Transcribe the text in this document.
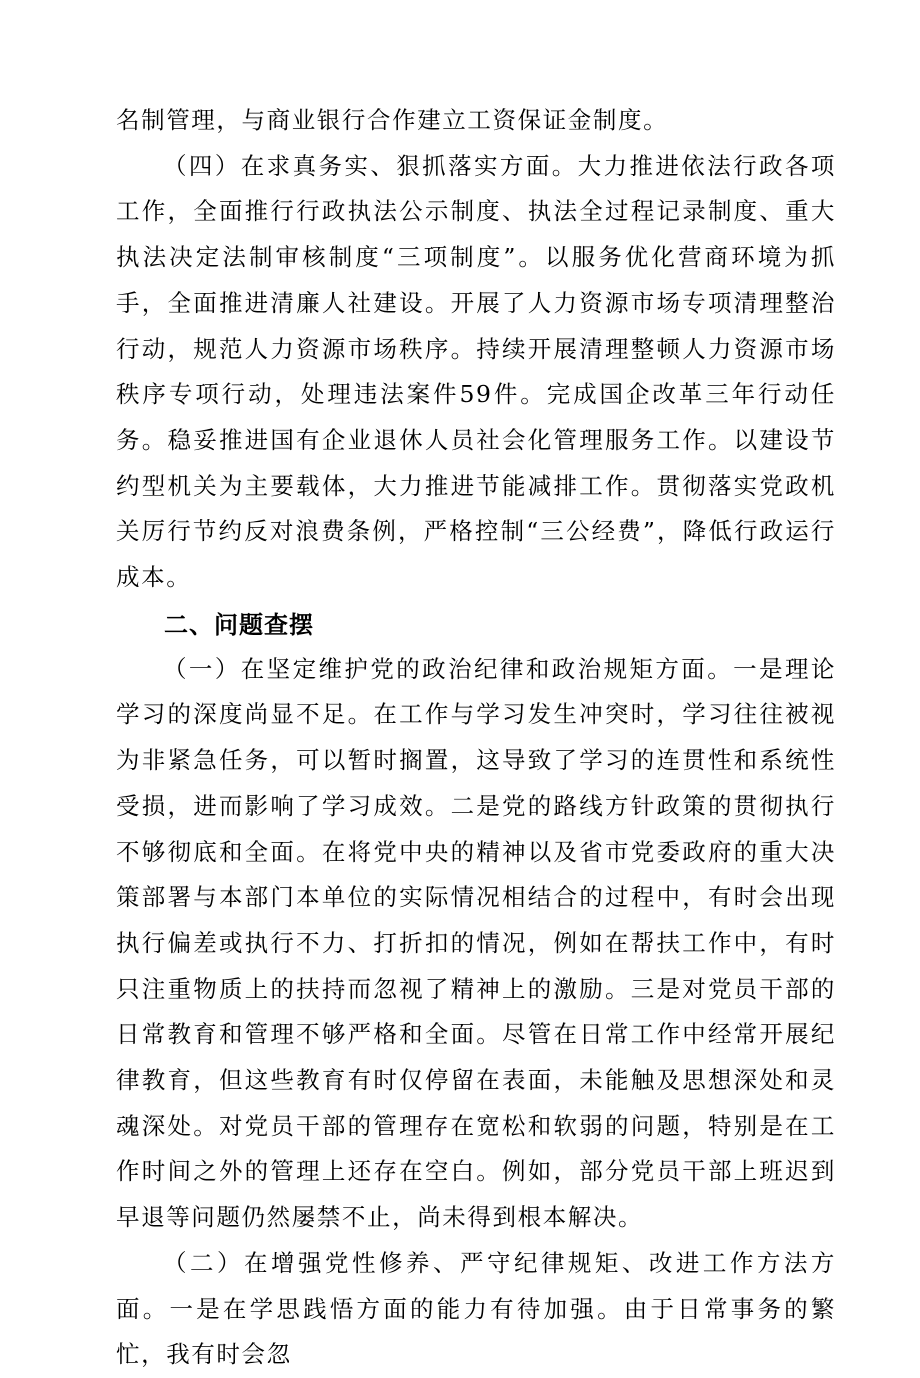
名制管理，与商业银行合作建立工资保证金制度。

（四）在求真务实、狠抓落实方面。大力推进依法行政各项工作，全面推行行政执法公示制度、执法全过程记录制度、重大执法决定法制审核制度“三项制度”。以服务优化营商环境为抓手，全面推进清廉人社建设。开展了人力资源市场专项清理整治行动，规范人力资源市场秩序。持续开展清理整顿人力资源市场秩序专项行动，处理违法案件59件。完成国企改革三年行动任务。稳妥推进国有企业退休人员社会化管理服务工作。以建设节约型机关为主要载体，大力推进节能减排工作。贯彻落实党政机关厉行节约反对浪费条例，严格控制“三公经费”，降低行政运行成本。

二、问题查摆

（一）在坚定维护党的政治纪律和政治规矩方面。一是理论学习的深度尚显不足。在工作与学习发生冲突时，学习往往被视为非紧急任务，可以暂时搁置，这导致了学习的连贯性和系统性受损，进而影响了学习成效。二是党的路线方针政策的贯彻执行不够彻底和全面。在将党中央的精神以及省市党委政府的重大决策部署与本部门本单位的实际情况相结合的过程中，有时会出现执行偏差或执行不力、打折扣的情况，例如在帮扶工作中，有时只注重物质上的扶持而忽视了精神上的激励。三是对党员干部的日常教育和管理不够严格和全面。尽管在日常工作中经常开展纪律教育，但这些教育有时仅停留在表面，未能触及思想深处和灵魂深处。对党员干部的管理存在宽松和软弱的问题，特别是在工作时间之外的管理上还存在空白。例如，部分党员干部上班迟到早退等问题仍然屡禁不止，尚未得到根本解决。

（二）在增强党性修养、严守纪律规矩、改进工作方法方面。一是在学思践悟方面的能力有待加强。由于日常事务的繁忙，我有时会忽
